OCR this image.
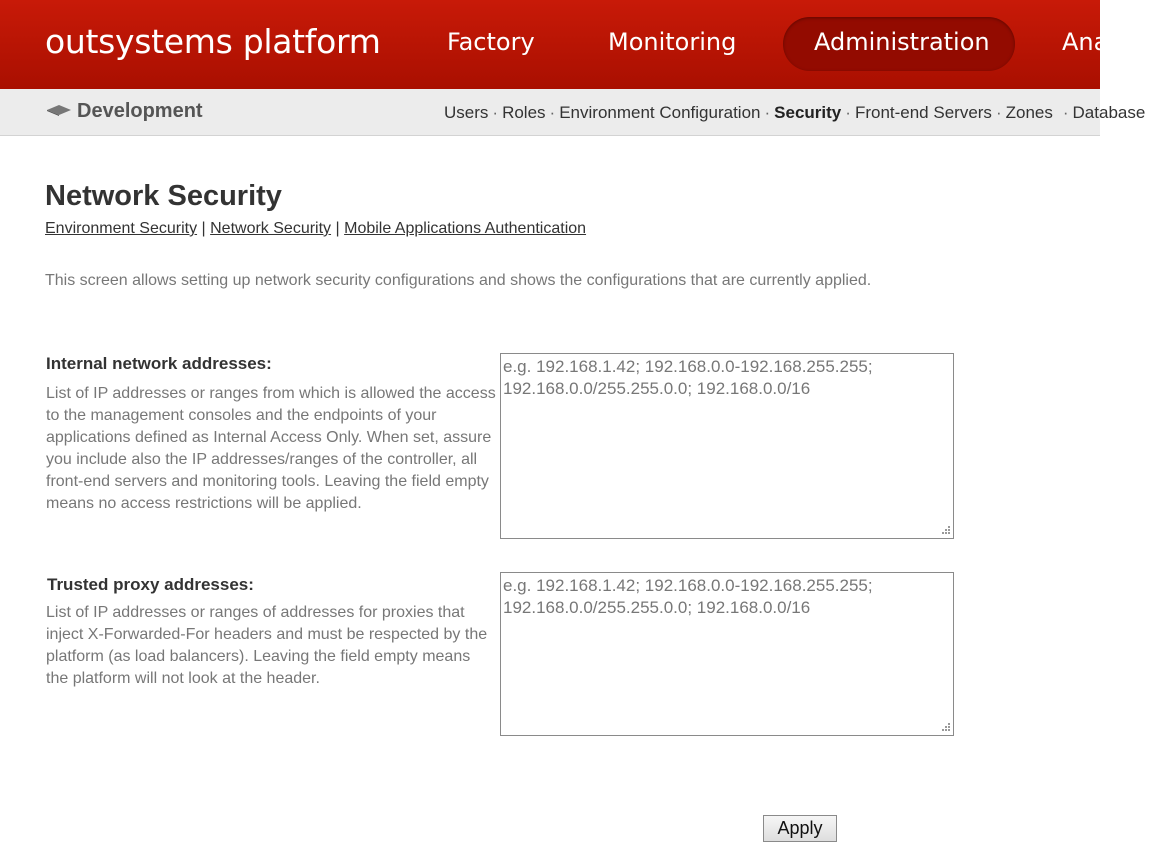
outsystems platform	Factory	Monitoring	Administration	Analytics
Development	Users · Roles · Environment Configuration · Security · Front-end Servers · Zones · Database
Network Security
Environment Security | Network Security | Mobile Applications Authentication
This screen allows setting up network security configurations and shows the configurations that are currently applied.
Internal network addresses:
List of IP addresses or ranges from which is allowed the access to the management consoles and the endpoints of your applications defined as Internal Access Only. When set, assure you include also the IP addresses/ranges of the controller, all front-end servers and monitoring tools. Leaving the field empty means no access restrictions will be applied.
e.g. 192.168.1.42; 192.168.0.0-192.168.255.255; 192.168.0.0/255.255.0.0; 192.168.0.0/16
Trusted proxy addresses:
List of IP addresses or ranges of addresses for proxies that inject X-Forwarded-For headers and must be respected by the platform (as load balancers). Leaving the field empty means the platform will not look at the header.
e.g. 192.168.1.42; 192.168.0.0-192.168.255.255; 192.168.0.0/255.255.0.0; 192.168.0.0/16
Apply
